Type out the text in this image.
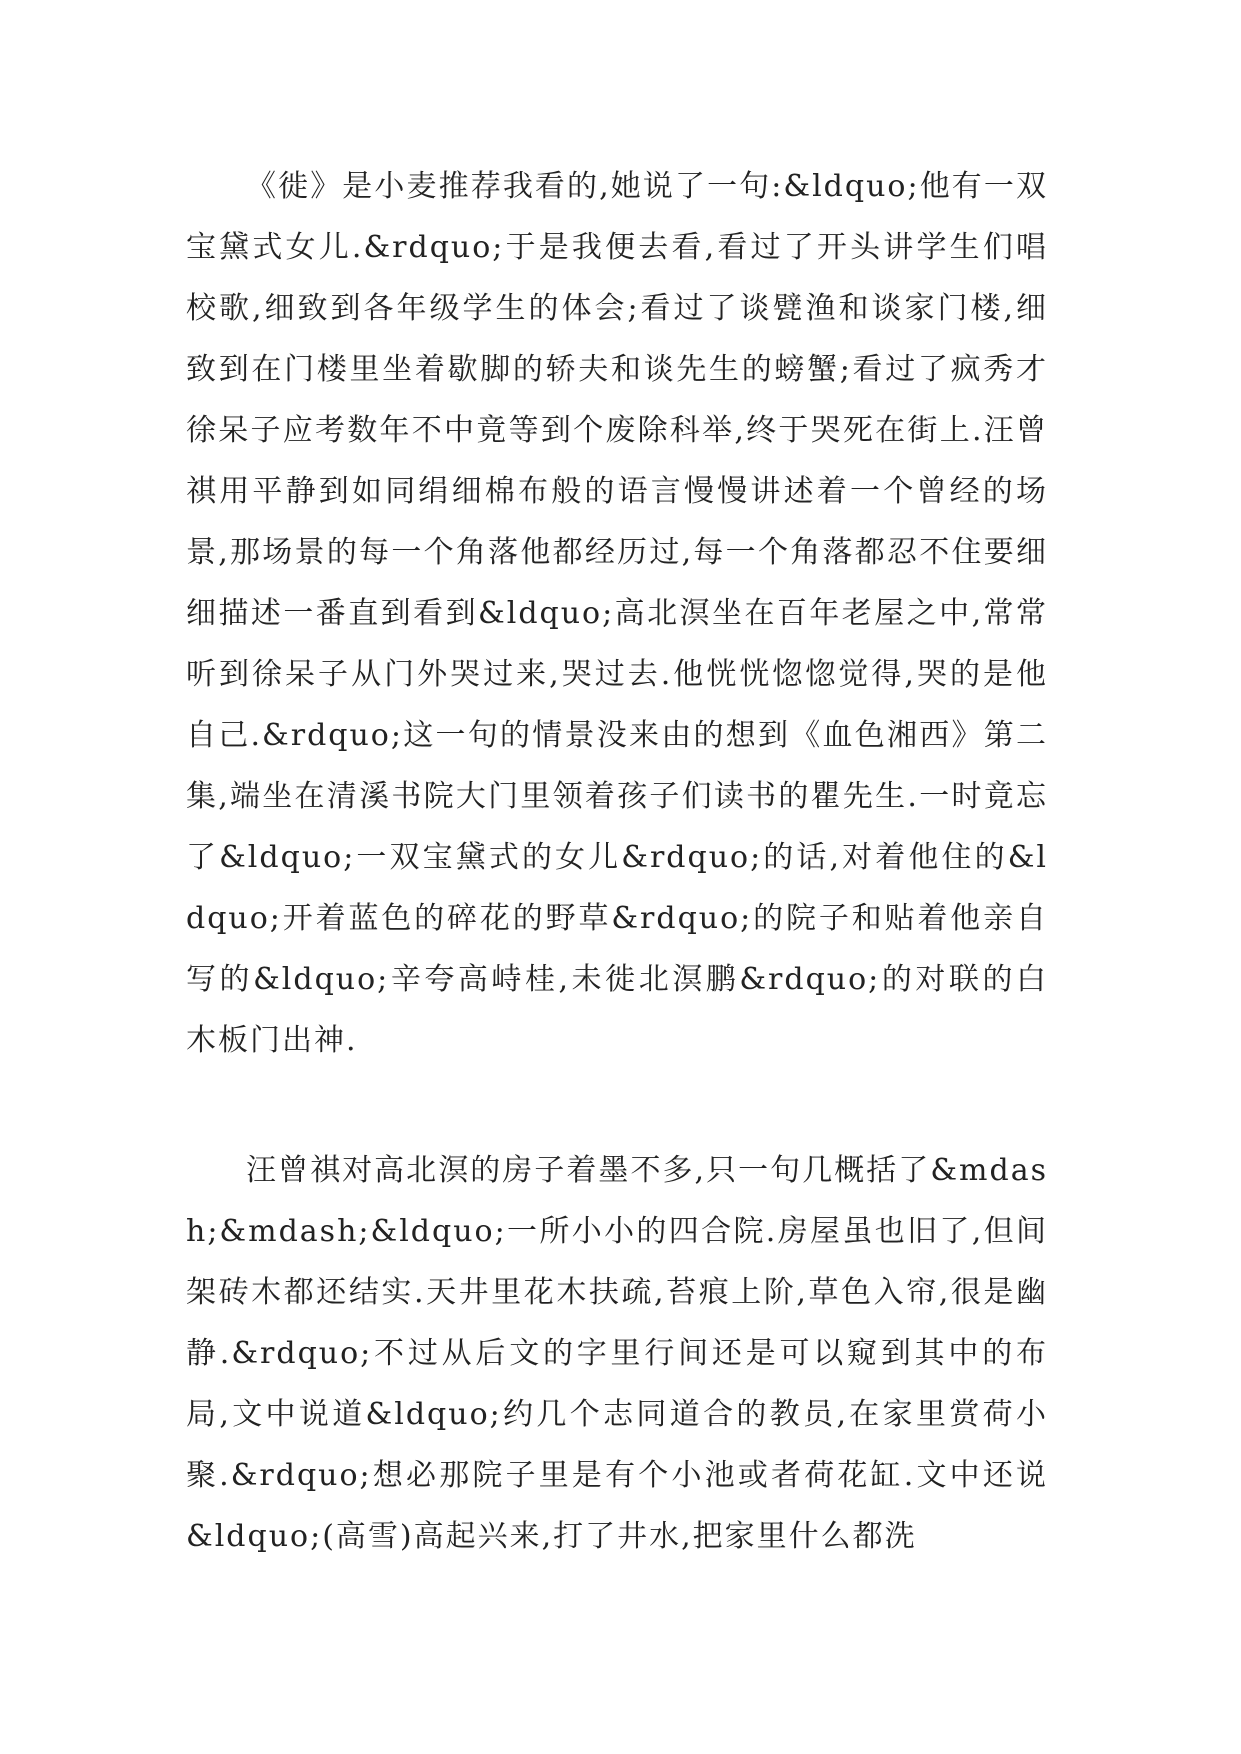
《徙》是小麦推荐我看的,她说了一句:&ldquo;他有一双宝黛式女儿.&rdquo;于是我便去看,看过了开头讲学生们唱校歌,细致到各年级学生的体会;看过了谈甓渔和谈家门楼,细致到在门楼里坐着歇脚的轿夫和谈先生的螃蟹;看过了疯秀才徐呆子应考数年不中竟等到个废除科举,终于哭死在街上.汪曾祺用平静到如同绢细棉布般的语言慢慢讲述着一个曾经的场景,那场景的每一个角落他都经历过,每一个角落都忍不住要细细描述一番直到看到&ldquo;高北溟坐在百年老屋之中,常常听到徐呆子从门外哭过来,哭过去.他恍恍惚惚觉得,哭的是他自己.&rdquo;这一句的情景没来由的想到《血色湘西》第二集,端坐在清溪书院大门里领着孩子们读书的瞿先生.一时竟忘了&ldquo;一双宝黛式的女儿&rdquo;的话,对着他住的&ldquo;开着蓝色的碎花的野草&rdquo;的院子和贴着他亲自写的&ldquo;辛夸高峙桂,未徙北溟鹏&rdquo;的对联的白木板门出神.

汪曾祺对高北溟的房子着墨不多,只一句几概括了&mdash;&mdash;&ldquo;一所小小的四合院.房屋虽也旧了,但间架砖木都还结实.天井里花木扶疏,苔痕上阶,草色入帘,很是幽静.&rdquo;不过从后文的字里行间还是可以窥到其中的布局,文中说道&ldquo;约几个志同道合的教员,在家里赏荷小聚.&rdquo;想必那院子里是有个小池或者荷花缸.文中还说&ldquo;(高雪)高起兴来,打了井水,把家里什么都洗
